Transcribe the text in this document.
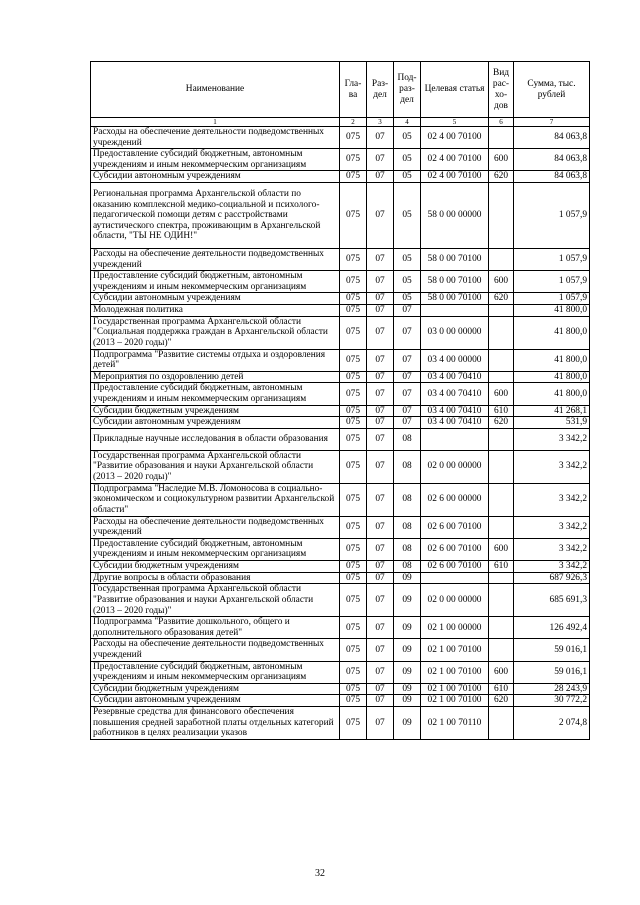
Наименование	Гла-ва	Раз-дел	Под-раз-дел	Целевая статья	Вид рас-хо-дов	Сумма, тыс. рублей
1	2	3	4	5	6	7
Расходы на обеспечение деятельности подведомственных учреждений	075	07	05	02 4 00 70100		84 063,8
Предоставление субсидий бюджетным, автономным учреждениям и иным некоммерческим организациям	075	07	05	02 4 00 70100	600	84 063,8
Субсидии автономным учреждениям	075	07	05	02 4 00 70100	620	84 063,8
Региональная программа Архангельской области по оказанию комплексной медико-социальной и психолого-педагогической помощи детям с расстройствами аутистического спектра, проживающим в Архангельской области, "ТЫ НЕ ОДИН!"	075	07	05	58 0 00 00000		1 057,9
Расходы на обеспечение деятельности подведомственных учреждений	075	07	05	58 0 00 70100		1 057,9
Предоставление субсидий бюджетным, автономным учреждениям и иным некоммерческим организациям	075	07	05	58 0 00 70100	600	1 057,9
Субсидии автономным учреждениям	075	07	05	58 0 00 70100	620	1 057,9
Молодежная политика	075	07	07			41 800,0
Государственная программа Архангельской области "Социальная поддержка граждан в Архангельской области (2013 – 2020 годы)"	075	07	07	03 0 00 00000		41 800,0
Подпрограмма "Развитие системы отдыха и оздоровления детей"	075	07	07	03 4 00 00000		41 800,0
Мероприятия по оздоровлению детей	075	07	07	03 4 00 70410		41 800,0
Предоставление субсидий бюджетным, автономным учреждениям и иным некоммерческим организациям	075	07	07	03 4 00 70410	600	41 800,0
Субсидии бюджетным учреждениям	075	07	07	03 4 00 70410	610	41 268,1
Субсидии автономным учреждениям	075	07	07	03 4 00 70410	620	531,9
Прикладные научные исследования в области образования	075	07	08			3 342,2
Государственная программа Архангельской области "Развитие образования и науки Архангельской области (2013 – 2020 годы)"	075	07	08	02 0 00 00000		3 342,2
Подпрограмма "Наследие М.В. Ломоносова в социально-экономическом и социокультурном развитии Архангельской области"	075	07	08	02 6 00 00000		3 342,2
Расходы на обеспечение деятельности подведомственных учреждений	075	07	08	02 6 00 70100		3 342,2
Предоставление субсидий бюджетным, автономным учреждениям и иным некоммерческим организациям	075	07	08	02 6 00 70100	600	3 342,2
Субсидии бюджетным учреждениям	075	07	08	02 6 00 70100	610	3 342,2
Другие вопросы в области образования	075	07	09			687 926,3
Государственная программа Архангельской области "Развитие образования и науки Архангельской области (2013 – 2020 годы)"	075	07	09	02 0 00 00000		685 691,3
Подпрограмма "Развитие дошкольного, общего и дополнительного образования детей"	075	07	09	02 1 00 00000		126 492,4
Расходы на обеспечение деятельности подведомственных учреждений	075	07	09	02 1 00 70100		59 016,1
Предоставление субсидий бюджетным, автономным учреждениям и иным некоммерческим организациям	075	07	09	02 1 00 70100	600	59 016,1
Субсидии бюджетным учреждениям	075	07	09	02 1 00 70100	610	28 243,9
Субсидии автономным учреждениям	075	07	09	02 1 00 70100	620	30 772,2
Резервные средства для финансового обеспечения повышения средней заработной платы отдельных категорий работников в целях реализации указов	075	07	09	02 1 00 70110		2 074,8
32
